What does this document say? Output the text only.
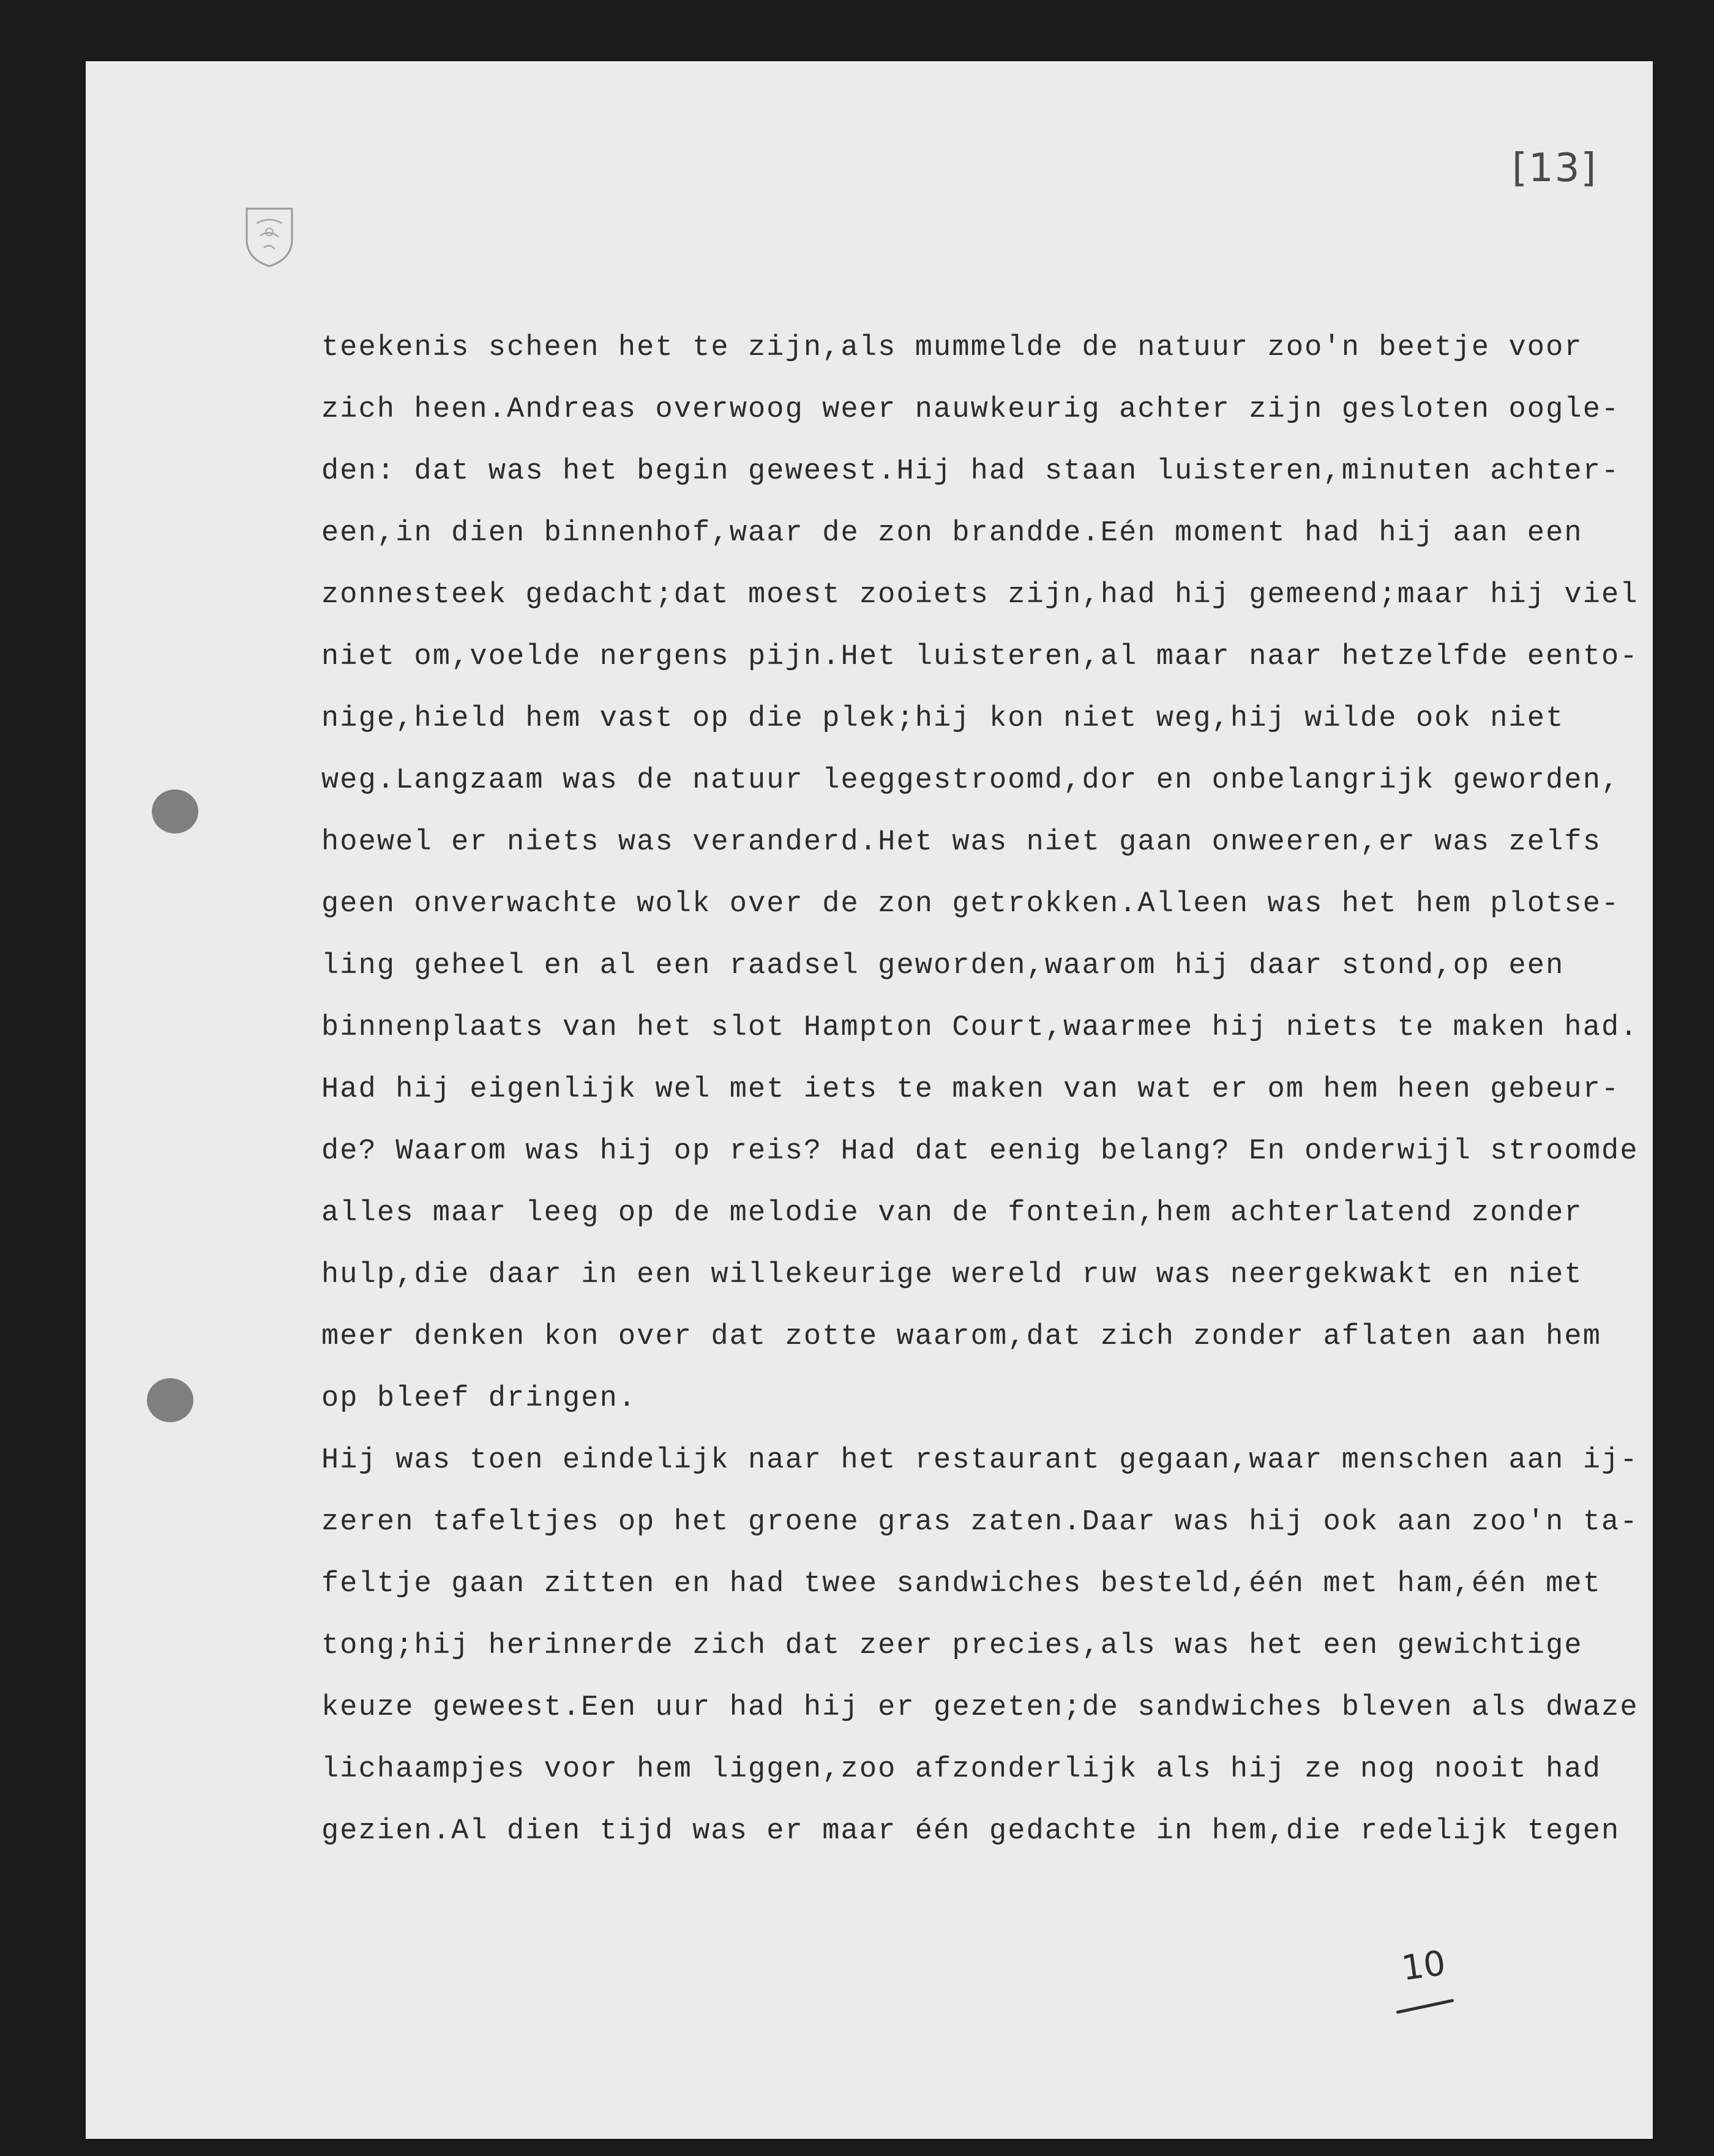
[13]
teekenis scheen het te zijn,als mummelde de natuur zoo'n beetje voor
zich heen.Andreas overwoog weer nauwkeurig achter zijn gesloten oogle-
den: dat was het begin geweest.Hij had staan luisteren,minuten achter-
een,in dien binnenhof,waar de zon brandde.Eén moment had hij aan een
zonnesteek gedacht;dat moest zooiets zijn,had hij gemeend;maar hij viel
niet om,voelde nergens pijn.Het luisteren,al maar naar hetzelfde eento-
nige,hield hem vast op die plek;hij kon niet weg,hij wilde ook niet
weg.Langzaam was de natuur leeggestroomd,dor en onbelangrijk geworden,
hoewel er niets was veranderd.Het was niet gaan onweeren,er was zelfs
geen onverwachte wolk over de zon getrokken.Alleen was het hem plotse-
ling geheel en al een raadsel geworden,waarom hij daar stond,op een
binnenplaats van het slot Hampton Court,waarmee hij niets te maken had.
Had hij eigenlijk wel met iets te maken van wat er om hem heen gebeur-
de? Waarom was hij op reis? Had dat eenig belang? En onderwijl stroomde
alles maar leeg op de melodie van de fontein,hem achterlatend zonder
hulp,die daar in een willekeurige wereld ruw was neergekwakt en niet
meer denken kon over dat zotte waarom,dat zich zonder aflaten aan hem
op bleef dringen.
Hij was toen eindelijk naar het restaurant gegaan,waar menschen aan ij-
zeren tafeltjes op het groene gras zaten.Daar was hij ook aan zoo'n ta-
feltje gaan zitten en had twee sandwiches besteld,één met ham,één met
tong;hij herinnerde zich dat zeer precies,als was het een gewichtige
keuze geweest.Een uur had hij er gezeten;de sandwiches bleven als dwaze
lichaampjes voor hem liggen,zoo afzonderlijk als hij ze nog nooit had
gezien.Al dien tijd was er maar één gedachte in hem,die redelijk tegen
10
